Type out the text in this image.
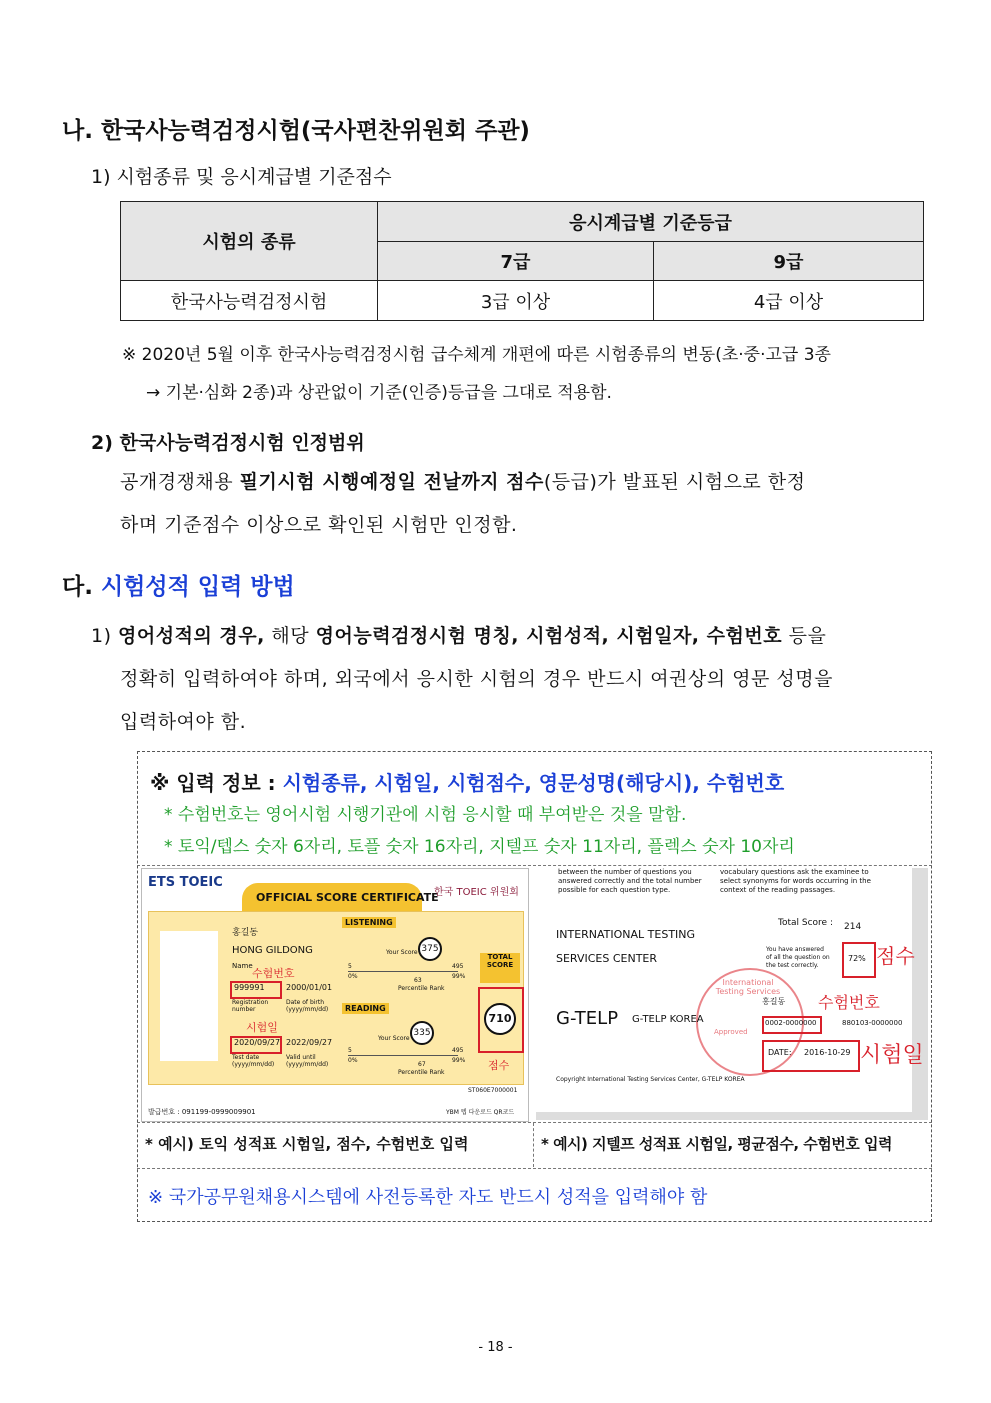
나. 한국사능력검정시험(국사편찬위원회 주관)
1) 시험종류 및 응시계급별 기준점수
시험의 종류	응시계급별 기준등급	
	7급	9급
한국사능력검정시험	3급 이상	4급 이상
※ 2020년 5월 이후 한국사능력검정시험 급수체계 개편에 따른 시험종류의 변동(초·중·고급 3종
→ 기본·심화 2종)과 상관없이 기준(인증)등급을 그대로 적용함.
2) 한국사능력검정시험 인정범위
공개경쟁채용 필기시험 시행예정일 전날까지 점수(등급)가 발표된 시험으로 한정
하며 기준점수 이상으로 확인된 시험만 인정함.
다. 시험성적 입력 방법
1) 영어성적의 경우, 해당 영어능력검정시험 명칭, 시험성적, 시험일자, 수험번호 등을
정확히 입력하여야 하며, 외국에서 응시한 시험의 경우 반드시 여권상의 영문 성명을
입력하여야 함.
※ 입력 정보 : 시험종류, 시험일, 시험점수, 영문성명(해당시), 수험번호
* 수험번호는 영어시험 시행기관에 시험 응시할 때 부여받은 것을 말함.
* 토익/텝스 숫자 6자리, 토플 숫자 16자리, 지텔프 숫자 11자리, 플렉스 숫자 10자리
ETS TOEIC
OFFICIAL SCORE CERTIFICATE
한국 TOEIC 위원회
홍길동
HONG GILDONG
Name
수험번호
999991	2000/01/01
Registration number
Date of birth (yyyy/mm/dd)
시험일
2020/09/27 2022/09/27
Test date (yyyy/mm/dd)
Valid until (yyyy/mm/dd)
LISTENING
Your Score 375
5	495
0%	99%
63
Percentile Rank
READING
Your Score
335
5	495
0%	99%
67
Percentile Rank
TOTAL SCORE
710
점수
ST060E7000001
발급번호 : 091199-0999009901	YBM 텝 다운로드 QR코드
between the number of questions you answered correctly and the total number possible for each question type.
vocabulary questions ask the examinee to select synonyms for words occurring in the context of the reading passages.
INTERNATIONAL TESTING
SERVICES CENTER
Total Score : 214
You have answered of all the question on the test correctly.
72% 점수
International Testing Services
Approved
G-TELP G-TELP KOREA
홍길동 수험번호
0002-0000000	880103-0000000
DATE: 2016-10-29 시험일
Copyright International Testing Services Center, G-TELP KOREA
* 예시) 토익 성적표 시험일, 점수, 수험번호 입력	* 예시) 지텔프 성적표 시험일, 평균점수, 수험번호 입력
※ 국가공무원채용시스템에 사전등록한 자도 반드시 성적을 입력해야 함
- 18 -
